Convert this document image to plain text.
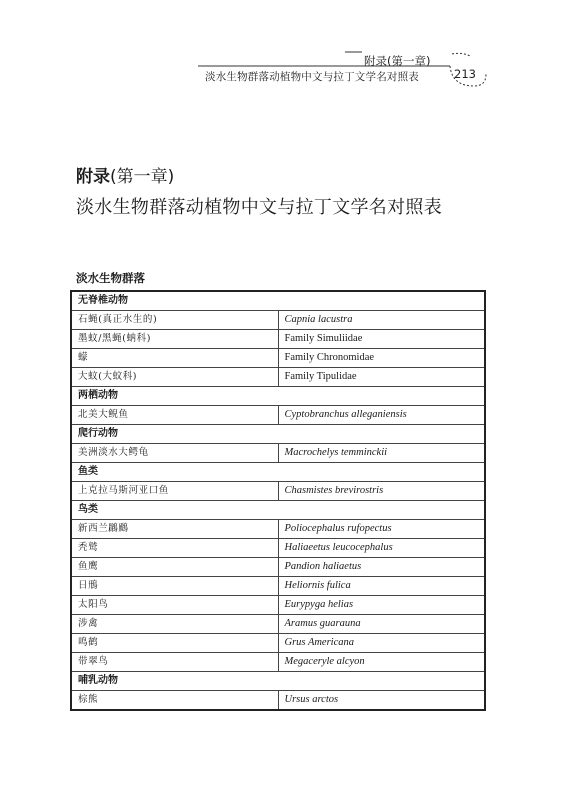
附录(第一章)
淡水生物群落动植物中文与拉丁文学名对照表	213
附录(第一章)
淡水生物群落动植物中文与拉丁文学名对照表
淡水生物群落
无脊椎动物	
石蝇(真正水生的)	Capnia lacustra
墨蚊/黑蝇(蚋科)	Family Simuliidae
蠓	Family Chronomidae
大蚊(大蚊科)	Family Tipulidae
两栖动物	
北美大鲵鱼	Cyptobranchus alleganiensis
爬行动物	
美洲淡水大鳄龟	Macrochelys temminckii
鱼类	
上克拉马斯河亚口鱼	Chasmistes brevirostris
鸟类	
新西兰鸊鷉	Poliocephalus rufopectus
秃鹫	Haliaeetus leucocephalus
鱼鹰	Pandion haliaetus
日鳽	Heliornis fulica
太阳鸟	Eurypyga helias
涉禽	Aramus guarauna
鸣鹤	Grus Americana
带翠鸟	Megaceryle alcyon
哺乳动物	
棕熊	Ursus arctos
